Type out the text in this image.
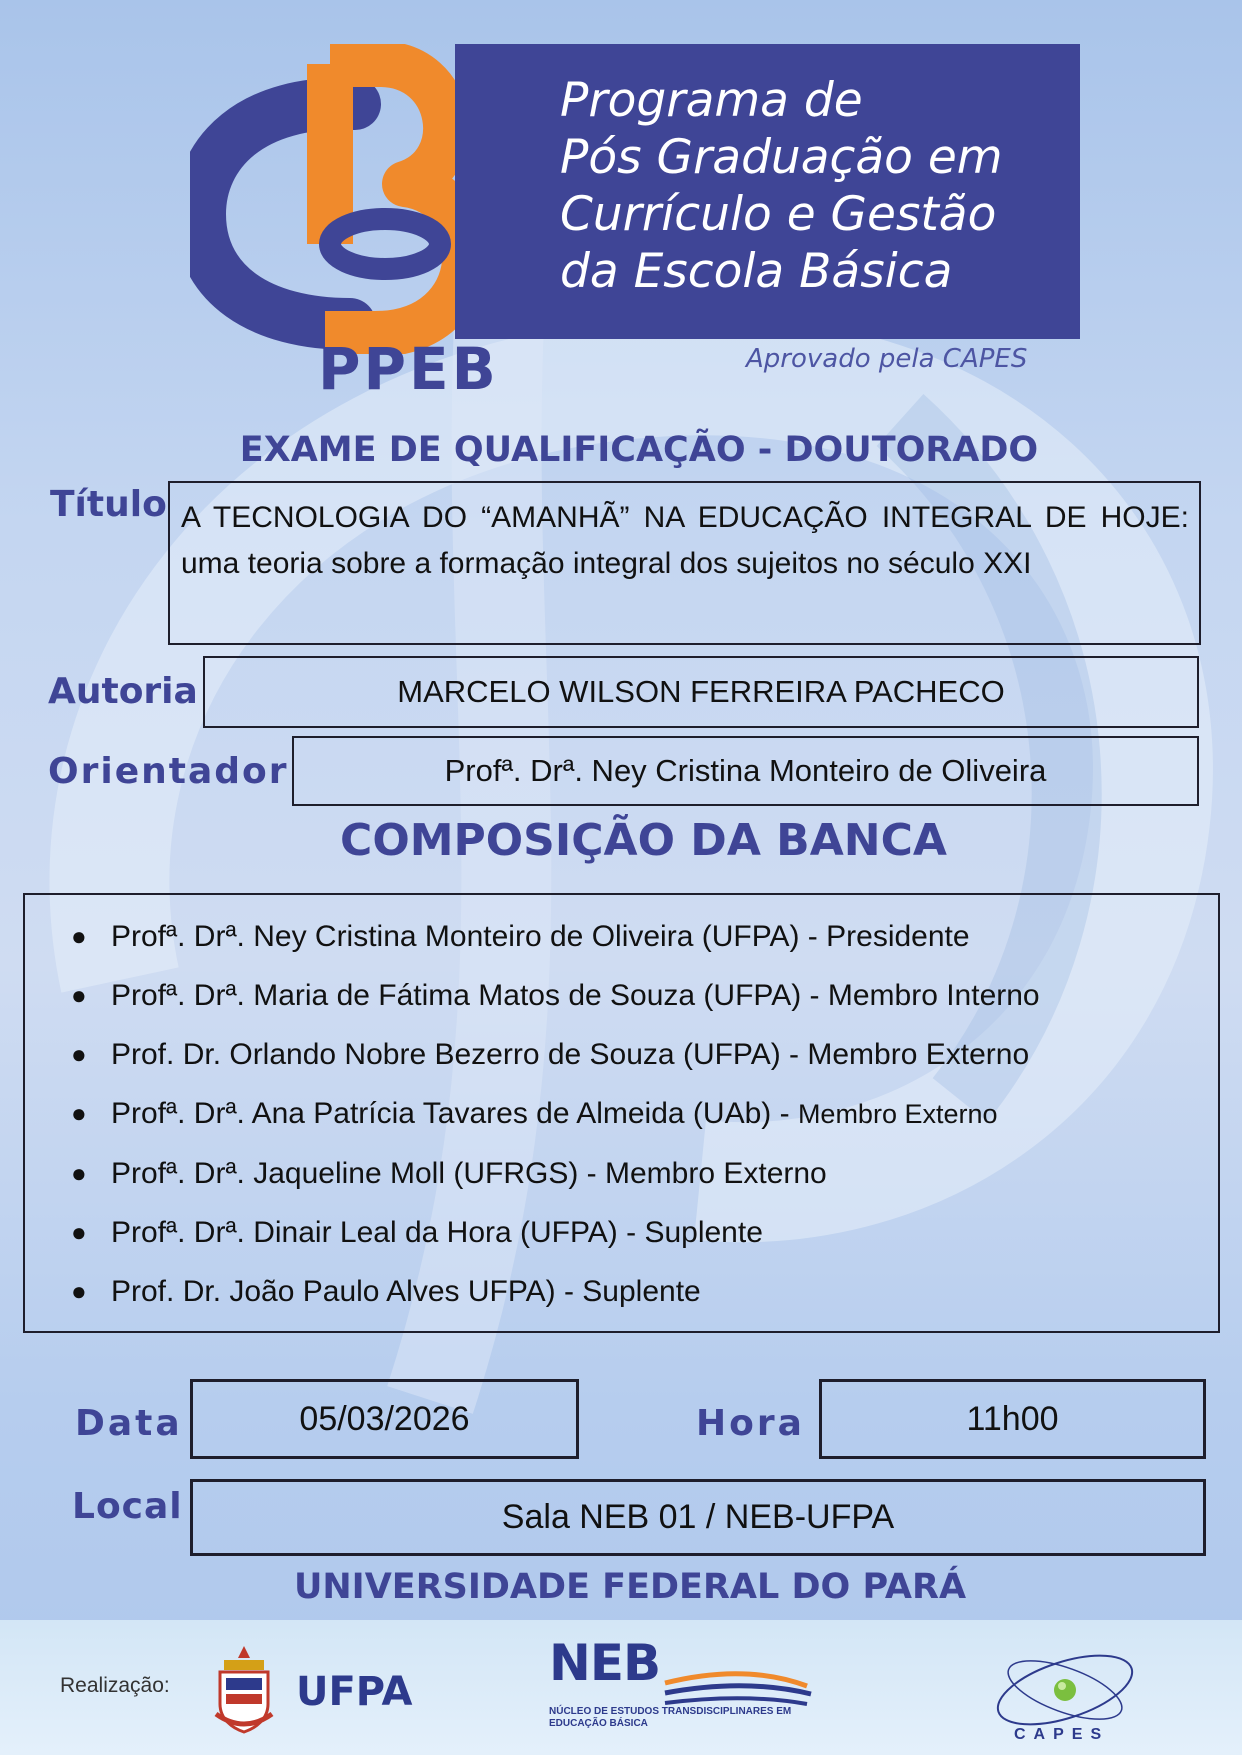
Programa de
Pós Graduação em
Currículo e Gestão
da Escola Básica
PPEB	Aprovado pela CAPES
EXAME DE QUALIFICAÇÃO - DOUTORADO
Título A TECNOLOGIA DO “AMANHÃ” NA EDUCAÇÃO INTEGRAL DE HOJE: uma teoria sobre a formação integral dos sujeitos no século XXI
Autoria	MARCELO WILSON FERREIRA PACHECO
Orientador	Profª. Drª. Ney Cristina Monteiro de Oliveira
COMPOSIÇÃO DA BANCA
● Profª. Drª. Ney Cristina Monteiro de Oliveira (UFPA) - Presidente
● Profª. Drª. Maria de Fátima Matos de Souza (UFPA) - Membro Interno
● Prof. Dr. Orlando Nobre Bezerro de Souza (UFPA) - Membro Externo
● Profª. Drª. Ana Patrícia Tavares de Almeida (UAb) - Membro Externo
● Profª. Drª. Jaqueline Moll (UFRGS) - Membro Externo
● Profª. Drª. Dinair Leal da Hora (UFPA) - Suplente
● Prof. Dr. João Paulo Alves UFPA) - Suplente
Data	05/03/2026	Hora	11h00
Local	Sala NEB 01 / NEB-UFPA
UNIVERSIDADE FEDERAL DO PARÁ
Realização:	UFPA	NEB
NÚCLEO DE ESTUDOS TRANSDISCIPLINARES EM EDUCAÇÃO BÁSICA
CAPES
